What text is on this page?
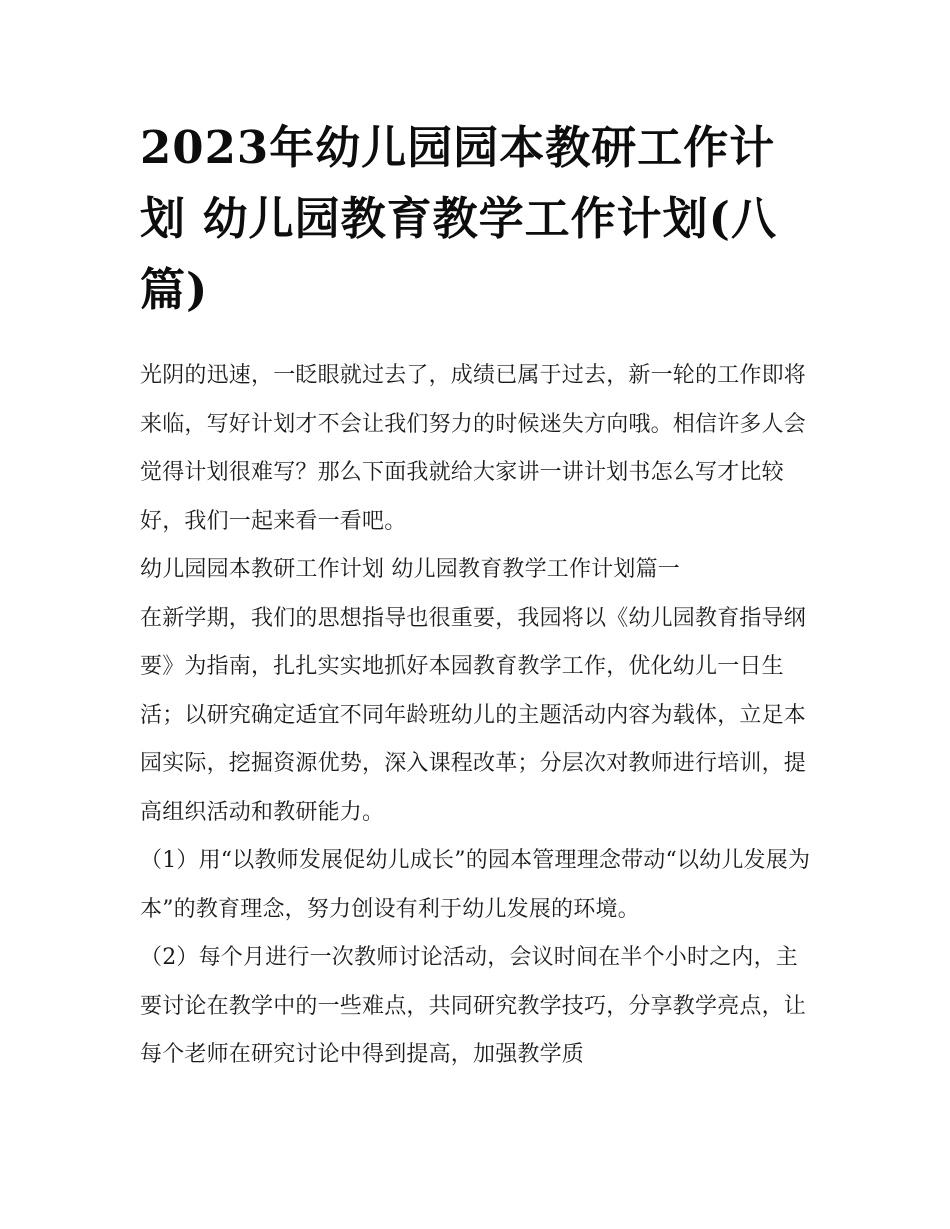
2023年幼儿园园本教研工作计划 幼儿园教育教学工作计划(八篇)

光阴的迅速，一眨眼就过去了，成绩已属于过去，新一轮的工作即将来临，写好计划才不会让我们努力的时候迷失方向哦。相信许多人会觉得计划很难写？那么下面我就给大家讲一讲计划书怎么写才比较好，我们一起来看一看吧。

幼儿园园本教研工作计划 幼儿园教育教学工作计划篇一

在新学期，我们的思想指导也很重要，我园将以《幼儿园教育指导纲要》为指南，扎扎实实地抓好本园教育教学工作，优化幼儿一日生活；以研究确定适宜不同年龄班幼儿的主题活动内容为载体，立足本园实际，挖掘资源优势，深入课程改革；分层次对教师进行培训，提高组织活动和教研能力。

（1）用“以教师发展促幼儿成长”的园本管理理念带动“以幼儿发展为本”的教育理念，努力创设有利于幼儿发展的环境。

（2）每个月进行一次教师讨论活动，会议时间在半个小时之内，主要讨论在教学中的一些难点，共同研究教学技巧，分享教学亮点，让每个老师在研究讨论中得到提高，加强教学质
